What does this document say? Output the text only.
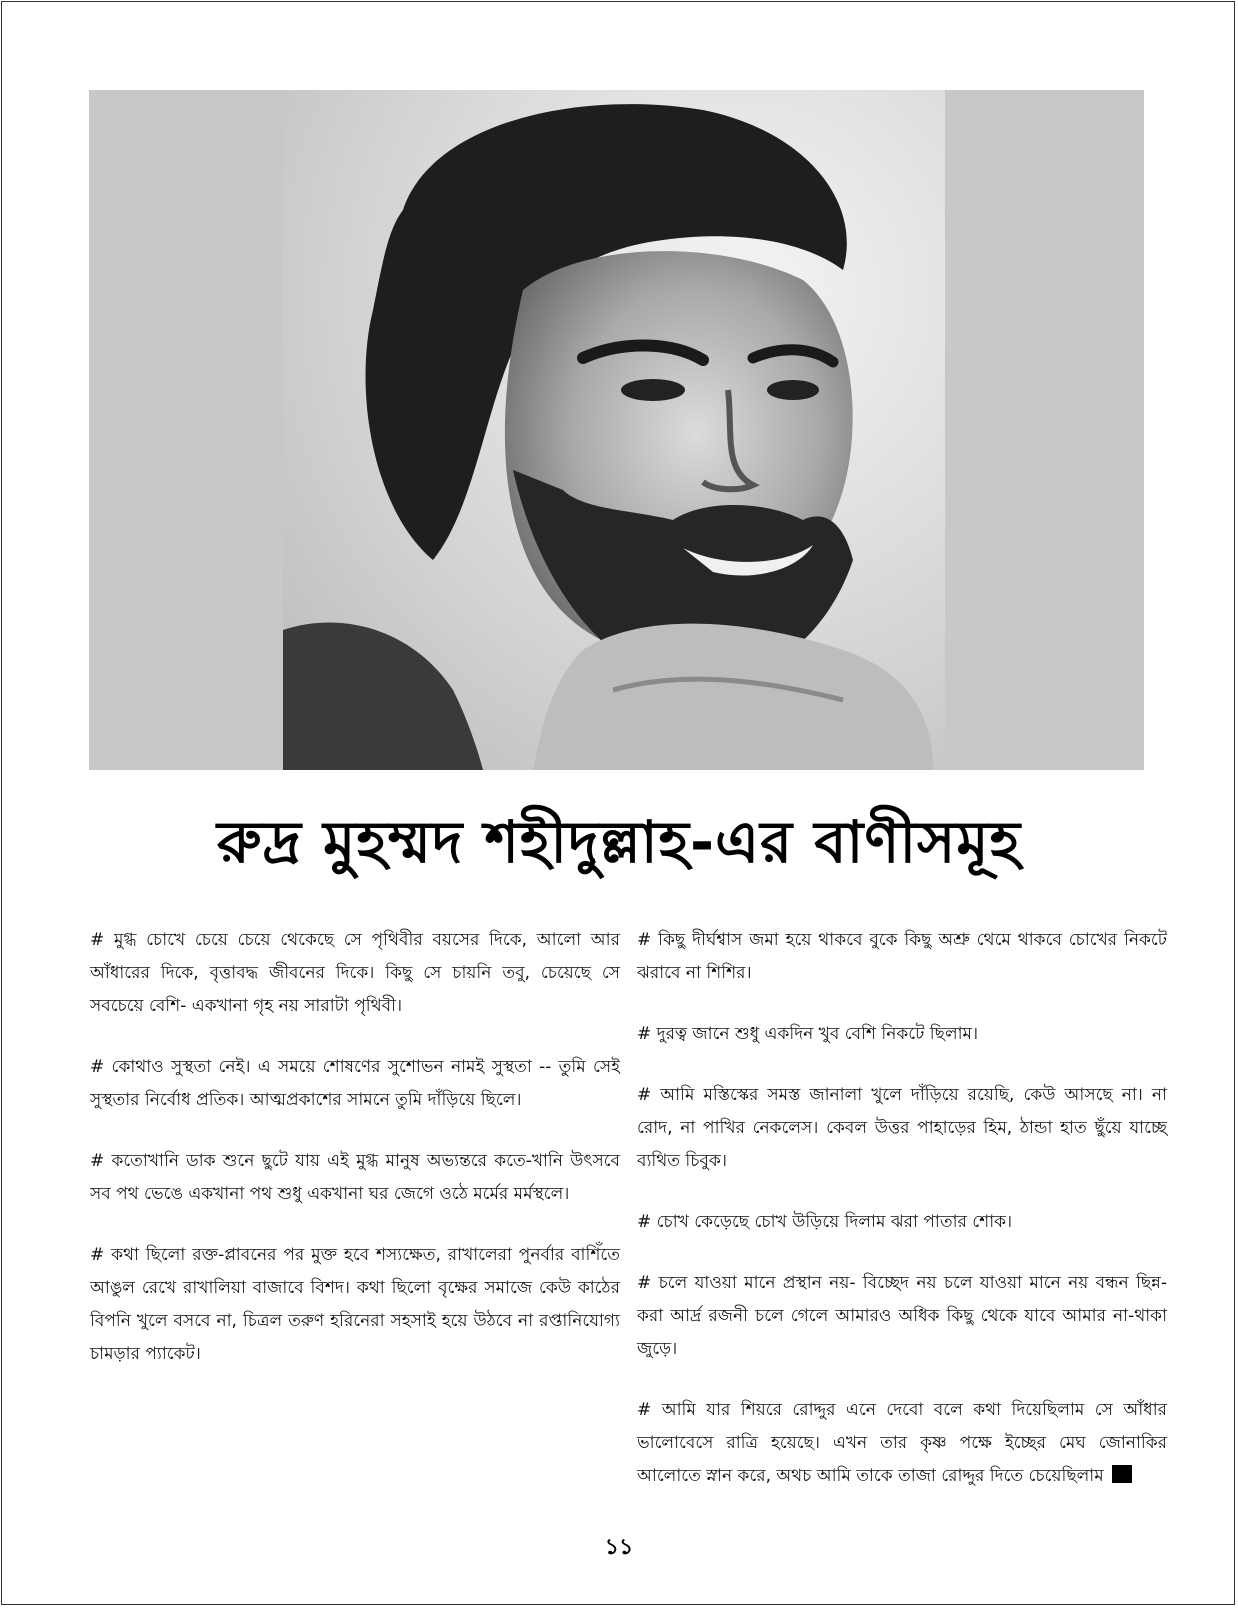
রুদ্র মুহম্মদ শহীদুল্লাহ-এর বাণীসমূহ

# মুগ্ধ চোখে চেয়ে চেয়ে থেকেছে সে পৃথিবীর বয়সের দিকে, আলো আর আঁধারের দিকে, বৃত্তাবদ্ধ জীবনের দিকে। কিছু সে চায়নি তবু, চেয়েছে সে সবচেয়ে বেশি- একখানা গৃহ নয় সারাটা পৃথিবী।

# কোথাও সুস্থতা নেই। এ সময়ে শোষণের সুশোভন নামই সুস্থতা -- তুমি সেই সুস্থতার নির্বোধ প্রতিক। আত্মপ্রকাশের সামনে তুমি দাঁড়িয়ে ছিলে।

# কতোখানি ডাক শুনে ছুটে যায় এই মুগ্ধ মানুষ অভ্যন্তরে কতে-খানি উৎসবে সব পথ ভেঙে একখানা পথ শুধু একখানা ঘর জেগে ওঠে মর্মের মর্মস্থলে।

# কথা ছিলো রক্ত-প্লাবনের পর মুক্ত হবে শস্যক্ষেত, রাখালেরা পুনর্বার বাশিঁতে আঙুল রেখে রাখালিয়া বাজাবে বিশদ। কথা ছিলো বৃক্ষের সমাজে কেউ কাঠের বিপনি খুলে বসবে না, চিত্রল তরুণ হরিনেরা সহসাই হয়ে উঠবে না রপ্তানিযোগ্য চামড়ার প্যাকেট।

# কিছু দীর্ঘশ্বাস জমা হয়ে থাকবে বুকে কিছু অশ্রু থেমে থাকবে চোখের নিকটে ঝরাবে না শিশির।

# দুরত্ব জানে শুধু একদিন খুব বেশি নিকটে ছিলাম।

# আমি মস্তিস্কের সমস্ত জানালা খুলে দাঁড়িয়ে রয়েছি, কেউ আসছে না। না রোদ, না পাখির নেকলেস। কেবল উত্তর পাহাড়ের হিম, ঠান্ডা হাত ছুঁয়ে যাচ্ছে ব্যথিত চিবুক।

# চোখ কেড়েছে চোখ উড়িয়ে দিলাম ঝরা পাতার শোক।

# চলে যাওয়া মানে প্রস্থান নয়- বিচ্ছেদ নয় চলে যাওয়া মানে নয় বন্ধন ছিন্ন-করা আর্দ্র রজনী চলে গেলে আমারও অধিক কিছু থেকে যাবে আমার না-থাকা জুড়ে।

# আমি যার শিয়রে রোদ্দুর এনে দেবো বলে কথা দিয়েছিলাম সে আঁধার ভালোবেসে রাত্রি হয়েছে। এখন তার কৃষ্ণ পক্ষে ইচ্ছের মেঘ জোনাকির আলোতে স্নান করে, অথচ আমি তাকে তাজা রোদ্দুর দিতে চেয়েছিলাম

১১
